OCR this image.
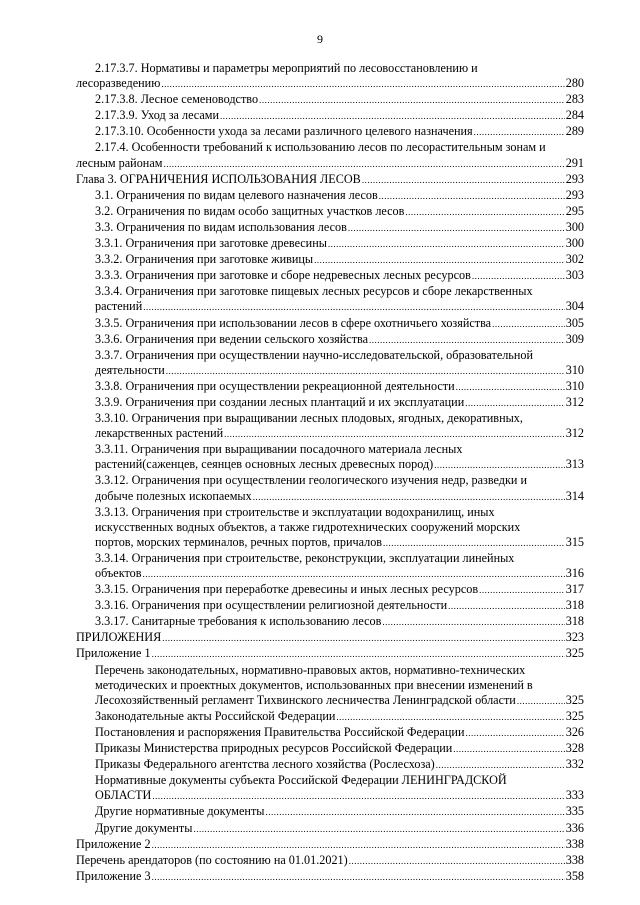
9
2.17.3.7. Нормативы и параметры мероприятий по лесовосстановлению и
лесоразведению .....	280
2.17.3.8. Лесное семеноводство .....	283
2.17.3.9. Уход за лесами .....	284
2.17.3.10. Особенности ухода за лесами различного целевого назначения .....	289
2.17.4. Особенности требований к использованию лесов по лесорастительным зонам и
лесным районам .....	291
Глава 3. ОГРАНИЧЕНИЯ ИСПОЛЬЗОВАНИЯ ЛЕСОВ .....	293
3.1. Ограничения по видам целевого назначения лесов .....	293
3.2. Ограничения по видам особо защитных участков лесов .....	295
3.3. Ограничения по видам использования лесов .....	300
3.3.1. Ограничения при заготовке древесины .....	300
3.3.2. Ограничения при заготовке живицы .....	302
3.3.3. Ограничения при заготовке и сборе недревесных лесных ресурсов .....	303
3.3.4. Ограничения при заготовке пищевых лесных ресурсов и сборе лекарственных
растений .....	304
3.3.5. Ограничения при использовании лесов в сфере охотничьего хозяйства .....	305
3.3.6. Ограничения при ведении сельского хозяйства .....	309
3.3.7. Ограничения при осуществлении научно-исследовательской, образовательной
деятельности .....	310
3.3.8. Ограничения при осуществлении рекреационной деятельности .....	310
3.3.9. Ограничения при создании лесных плантаций и их эксплуатации .....	312
3.3.10. Ограничения при выращивании лесных плодовых, ягодных, декоративных,
лекарственных растений .....	312
3.3.11. Ограничения при выращивании посадочного материала лесных
растений(саженцев, сеянцев основных лесных древесных пород) .....	313
3.3.12. Ограничения при осуществлении геологического изучения недр, разведки и
добыче полезных ископаемых .....	314
3.3.13. Ограничения при строительстве и эксплуатации водохранилищ, иных
искусственных водных объектов, а также гидротехнических сооружений морских
портов, морских терминалов, речных портов, причалов .....	315
3.3.14. Ограничения при строительстве, реконструкции, эксплуатации линейных
объектов .....	316
3.3.15. Ограничения при переработке древесины и иных лесных ресурсов .....	317
3.3.16. Ограничения при осуществлении религиозной деятельности .....	318
3.3.17. Санитарные требования к использованию лесов .....	318
ПРИЛОЖЕНИЯ .....	323
Приложение 1 .....	325
Перечень законодательных, нормативно-правовых актов, нормативно-технических
методических и проектных документов, использованных при внесении изменений в
Лесохозяйственный регламент Тихвинского лесничества Ленинградской области .....	325
Законодательные акты Российской Федерации .....	325
Постановления и распоряжения Правительства Российской Федерации .....	326
Приказы Министерства природных ресурсов Российской Федерации .....	328
Приказы Федерального агентства лесного хозяйства (Рослесхоза) .....	332
Нормативные документы субъекта Российской Федерации ЛЕНИНГРАДСКОЙ
ОБЛАСТИ .....	333
Другие нормативные документы .....	335
Другие документы .....	336
Приложение 2 .....	338
Перечень арендаторов (по состоянию на 01.01.2021) .....	338
Приложение 3 .....	358
